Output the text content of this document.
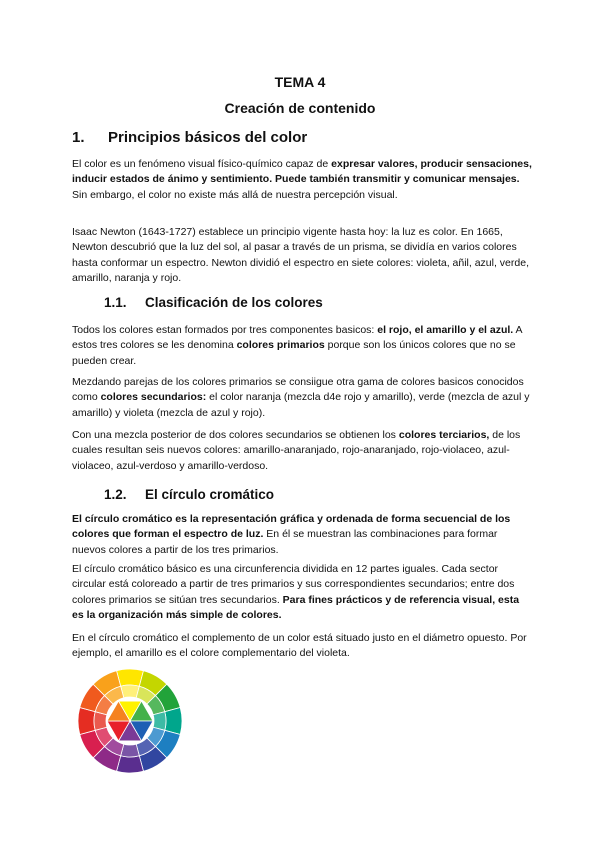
TEMA 4
Creación de contenido
1. Principios básicos del color

El color es un fenómeno visual físico-químico capaz de expresar valores, producir sensaciones, inducir estados de ánimo y sentimiento. Puede también transmitir y comunicar mensajes. Sin embargo, el color no existe más allá de nuestra percepción visual.

Isaac Newton (1643-1727) establece un principio vigente hasta hoy: la luz es color. En 1665, Newton descubrió que la luz del sol, al pasar a través de un prisma, se dividía en varios colores hasta conformar un espectro. Newton dividió el espectro en siete colores: violeta, añil, azul, verde, amarillo, naranja y rojo.

1.1. Clasificación de los colores

Todos los colores estan formados por tres componentes basicos: el rojo, el amarillo y el azul. A estos tres colores se les denomina colores primarios porque son los únicos colores que no se pueden crear.

Mezdando parejas de los colores primarios se consiigue otra gama de colores basicos conocidos como colores secundarios: el color naranja (mezcla d4e rojo y amarillo), verde (mezcla de azul y amarillo) y violeta (mezcla de azul y rojo).

Con una mezcla posterior de dos colores secundarios se obtienen los colores terciarios, de los cuales resultan seis nuevos colores: amarillo-anaranjado, rojo-anaranjado, rojo-violaceo, azul-violaceo, azul-verdoso y amarillo-verdoso.

1.2. El círculo cromático

El círculo cromático es la representación gráfica y ordenada de forma secuencial de los colores que forman el espectro de luz. En él se muestran las combinaciones para formar nuevos colores a partir de los tres primarios.

El círculo cromático básico es una circunferencia dividida en 12 partes iguales. Cada sector circular está coloreado a partir de tres primarios y sus correspondientes secundarios; entre dos colores primarios se sitúan tres secundarios. Para fines prácticos y de referencia visual, esta es la organización más simple de colores.

En el círculo cromático el complemento de un color está situado justo en el diámetro opuesto. Por ejemplo, el amarillo es el colore complementario del violeta.
